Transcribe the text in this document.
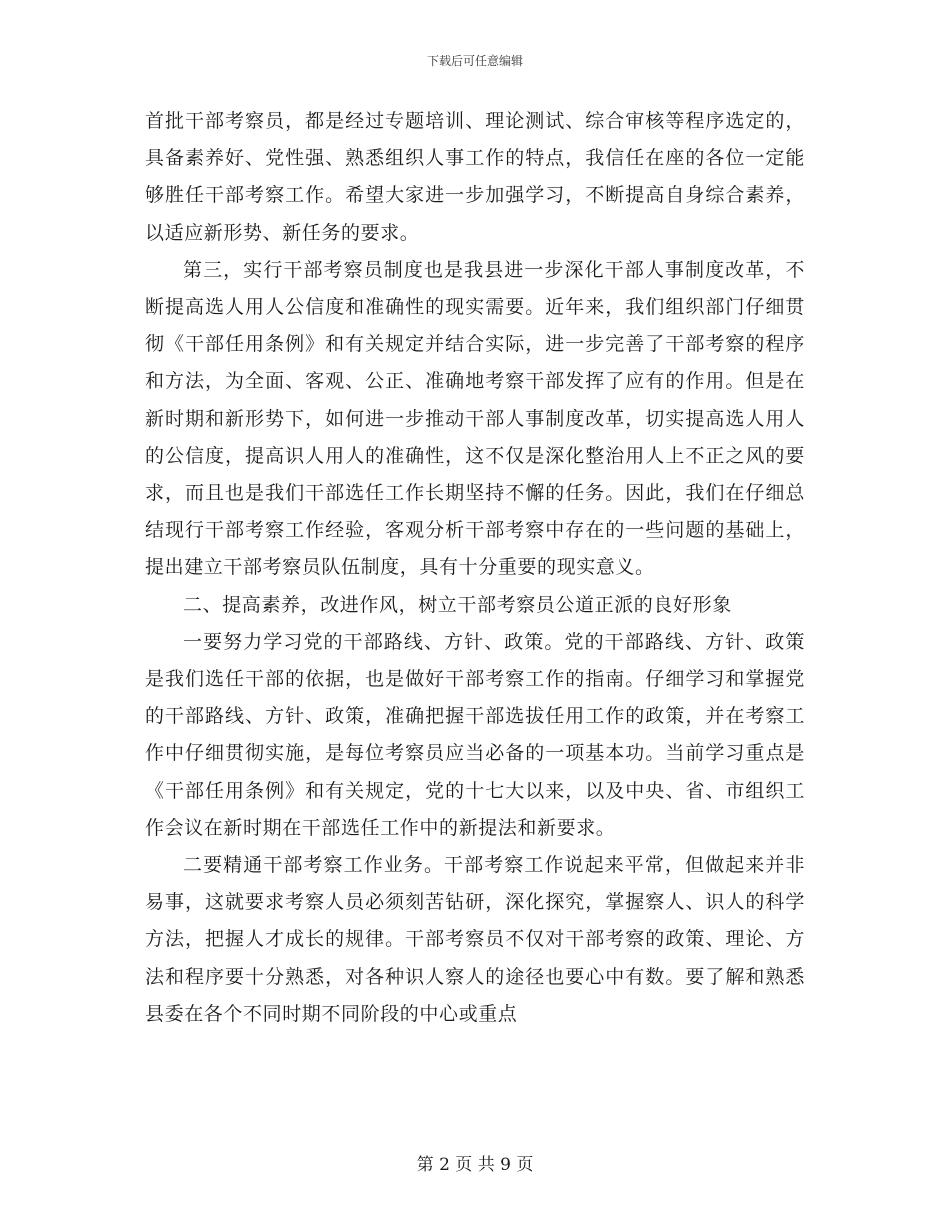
下载后可任意编辑

首批干部考察员，都是经过专题培训、理论测试、综合审核等程序选定的，具备素养好、党性强、熟悉组织人事工作的特点，我信任在座的各位一定能够胜任干部考察工作。希望大家进一步加强学习，不断提高自身综合素养，以适应新形势、新任务的要求。

第三，实行干部考察员制度也是我县进一步深化干部人事制度改革，不断提高选人用人公信度和准确性的现实需要。近年来，我们组织部门仔细贯彻《干部任用条例》和有关规定并结合实际，进一步完善了干部考察的程序和方法，为全面、客观、公正、准确地考察干部发挥了应有的作用。但是在新时期和新形势下，如何进一步推动干部人事制度改革，切实提高选人用人的公信度，提高识人用人的准确性，这不仅是深化整治用人上不正之风的要求，而且也是我们干部选任工作长期坚持不懈的任务。因此，我们在仔细总结现行干部考察工作经验，客观分析干部考察中存在的一些问题的基础上，提出建立干部考察员队伍制度，具有十分重要的现实意义。

二、提高素养，改进作风，树立干部考察员公道正派的良好形象

一要努力学习党的干部路线、方针、政策。党的干部路线、方针、政策是我们选任干部的依据，也是做好干部考察工作的指南。仔细学习和掌握党的干部路线、方针、政策，准确把握干部选拔任用工作的政策，并在考察工作中仔细贯彻实施，是每位考察员应当必备的一项基本功。当前学习重点是《干部任用条例》和有关规定，党的十七大以来，以及中央、省、市组织工作会议在新时期在干部选任工作中的新提法和新要求。

二要精通干部考察工作业务。干部考察工作说起来平常，但做起来并非易事，这就要求考察人员必须刻苦钻研，深化探究，掌握察人、识人的科学方法，把握人才成长的规律。干部考察员不仅对干部考察的政策、理论、方法和程序要十分熟悉，对各种识人察人的途径也要心中有数。要了解和熟悉县委在各个不同时期不同阶段的中心或重点

第 2 页 共 9 页
